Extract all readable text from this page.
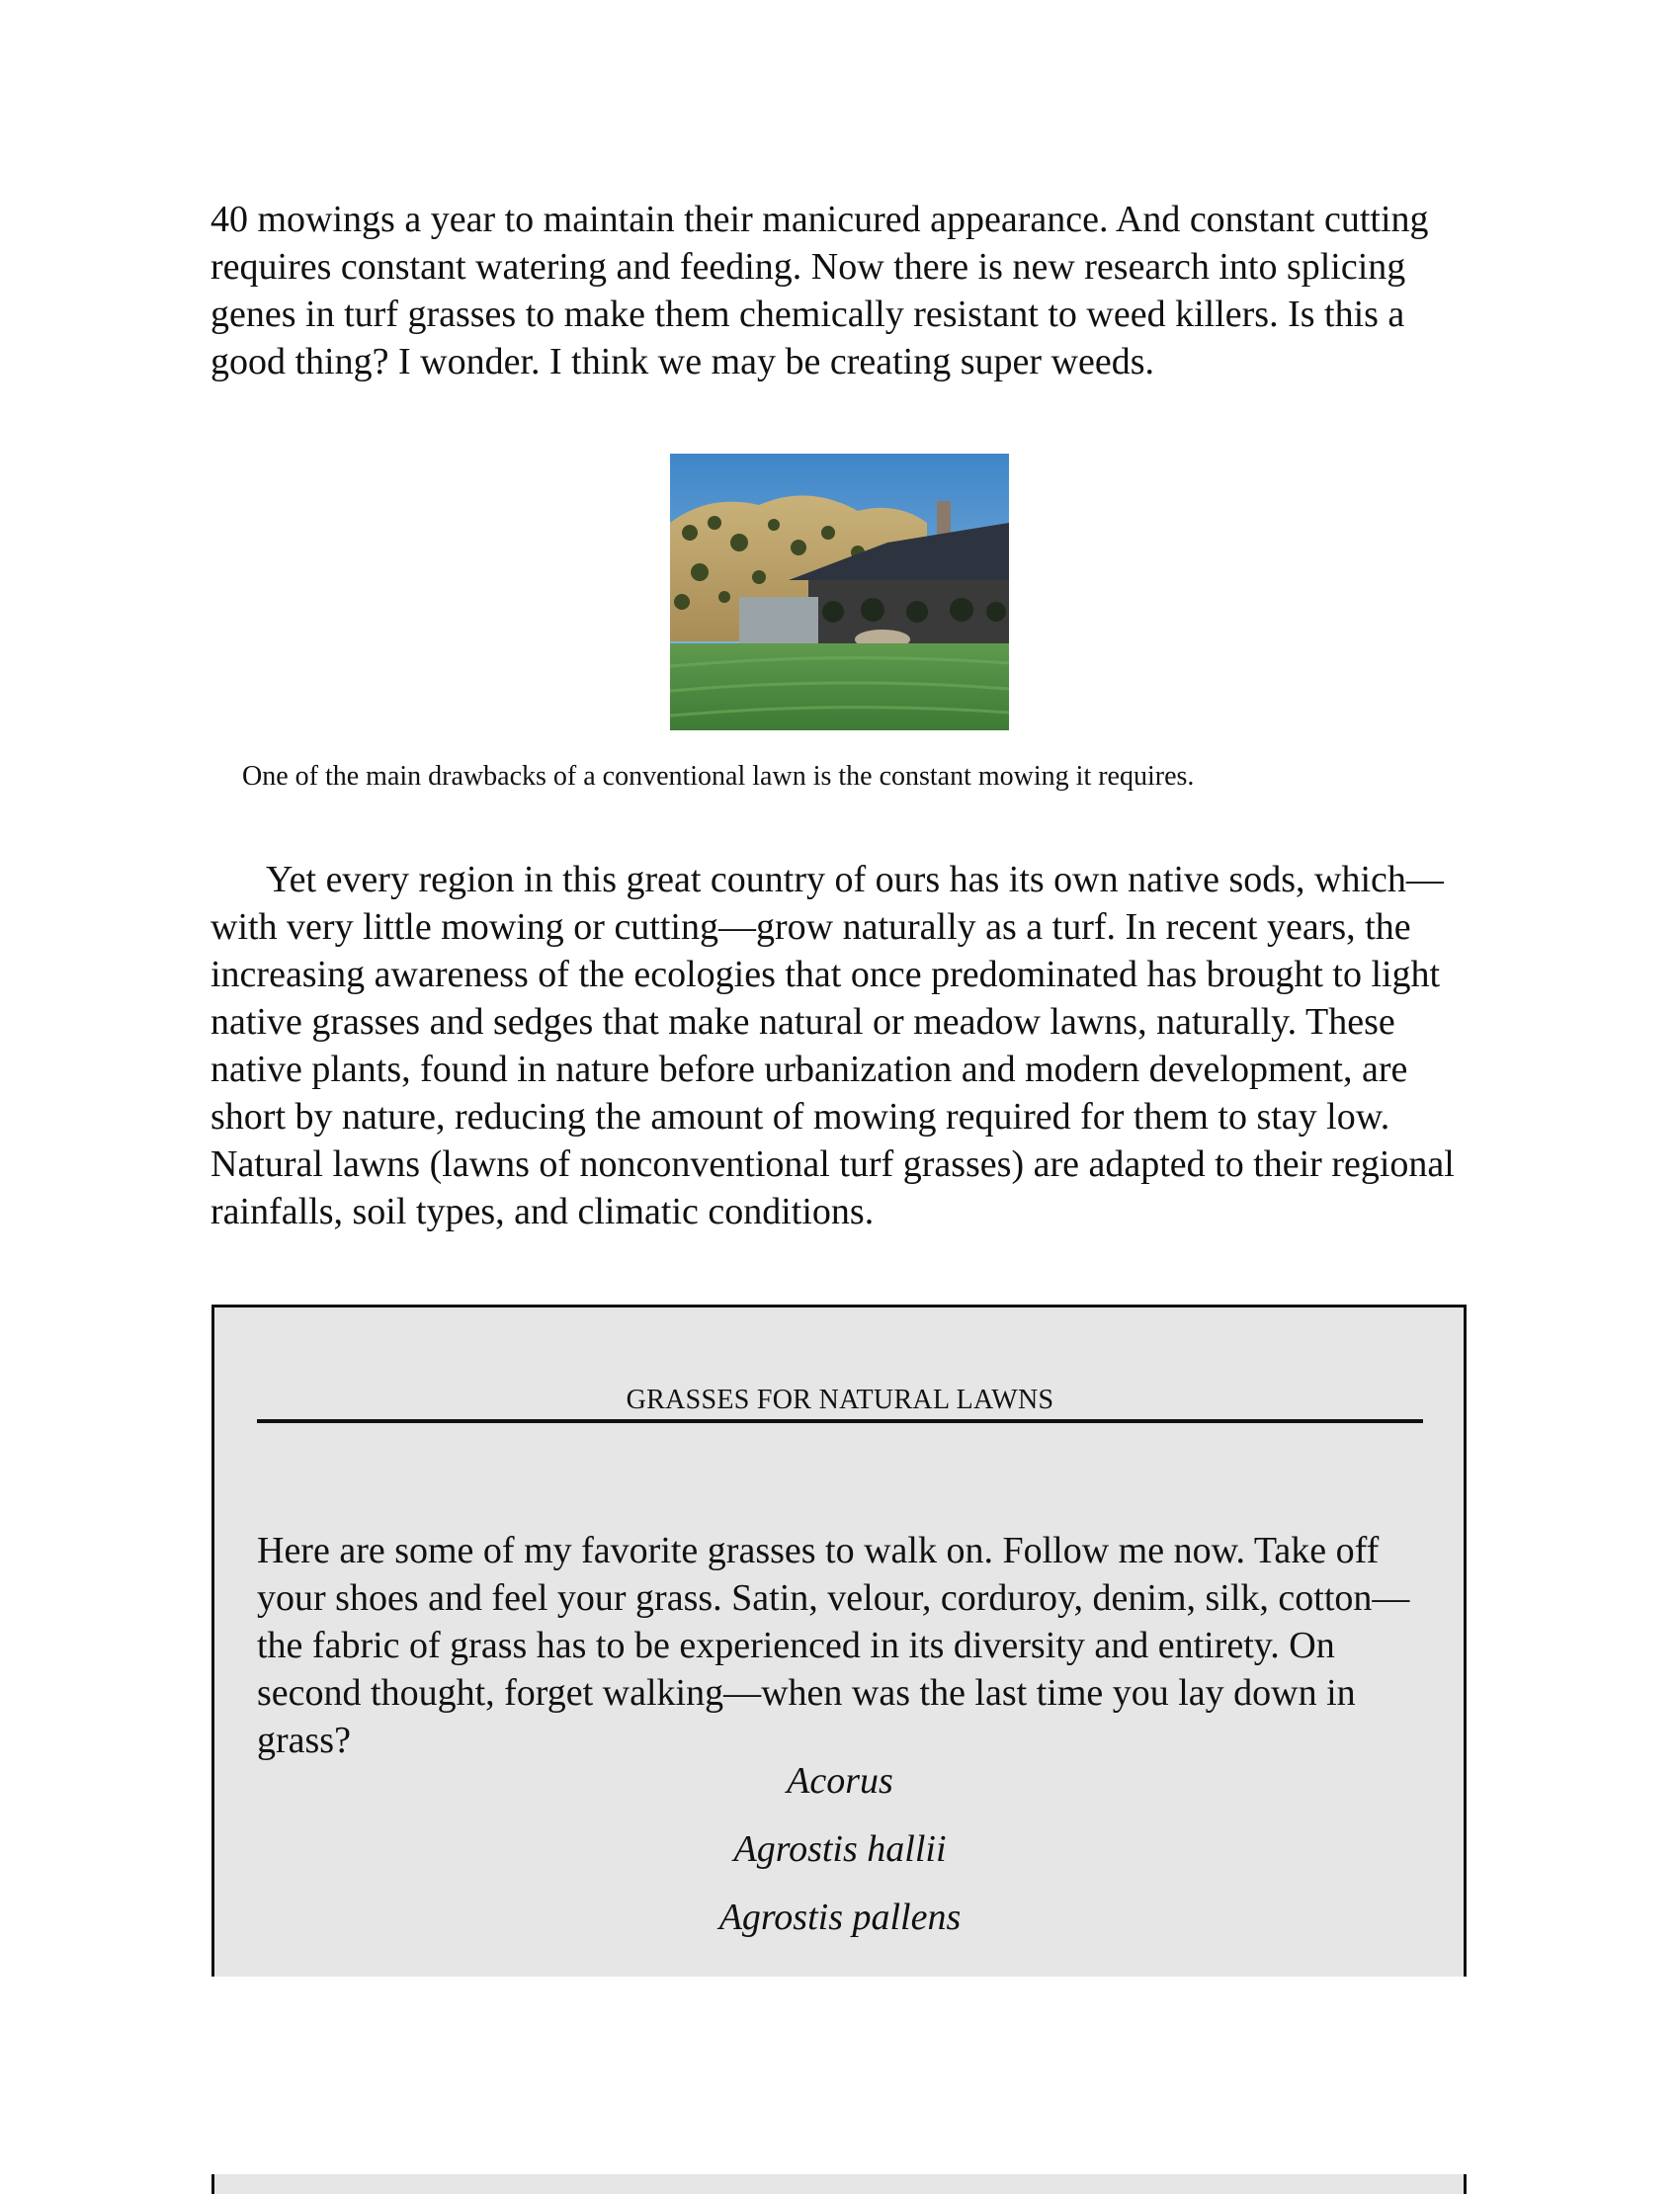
40 mowings a year to maintain their manicured appearance. And constant cutting requires constant watering and feeding. Now there is new research into splicing genes in turf grasses to make them chemically resistant to weed killers. Is this a good thing? I wonder. I think we may be creating super weeds.

One of the main drawbacks of a conventional lawn is the constant mowing it requires.

Yet every region in this great country of ours has its own native sods, which—with very little mowing or cutting—grow naturally as a turf. In recent years, the increasing awareness of the ecologies that once predominated has brought to light native grasses and sedges that make natural or meadow lawns, naturally. These native plants, found in nature before urbanization and modern development, are short by nature, reducing the amount of mowing required for them to stay low. Natural lawns (lawns of nonconventional turf grasses) are adapted to their regional rainfalls, soil types, and climatic conditions.

GRASSES FOR NATURAL LAWNS

Here are some of my favorite grasses to walk on. Follow me now. Take off your shoes and feel your grass. Satin, velour, corduroy, denim, silk, cotton—the fabric of grass has to be experienced in its diversity and entirety. On second thought, forget walking—when was the last time you lay down in grass?

Acorus
Agrostis hallii
Agrostis pallens
